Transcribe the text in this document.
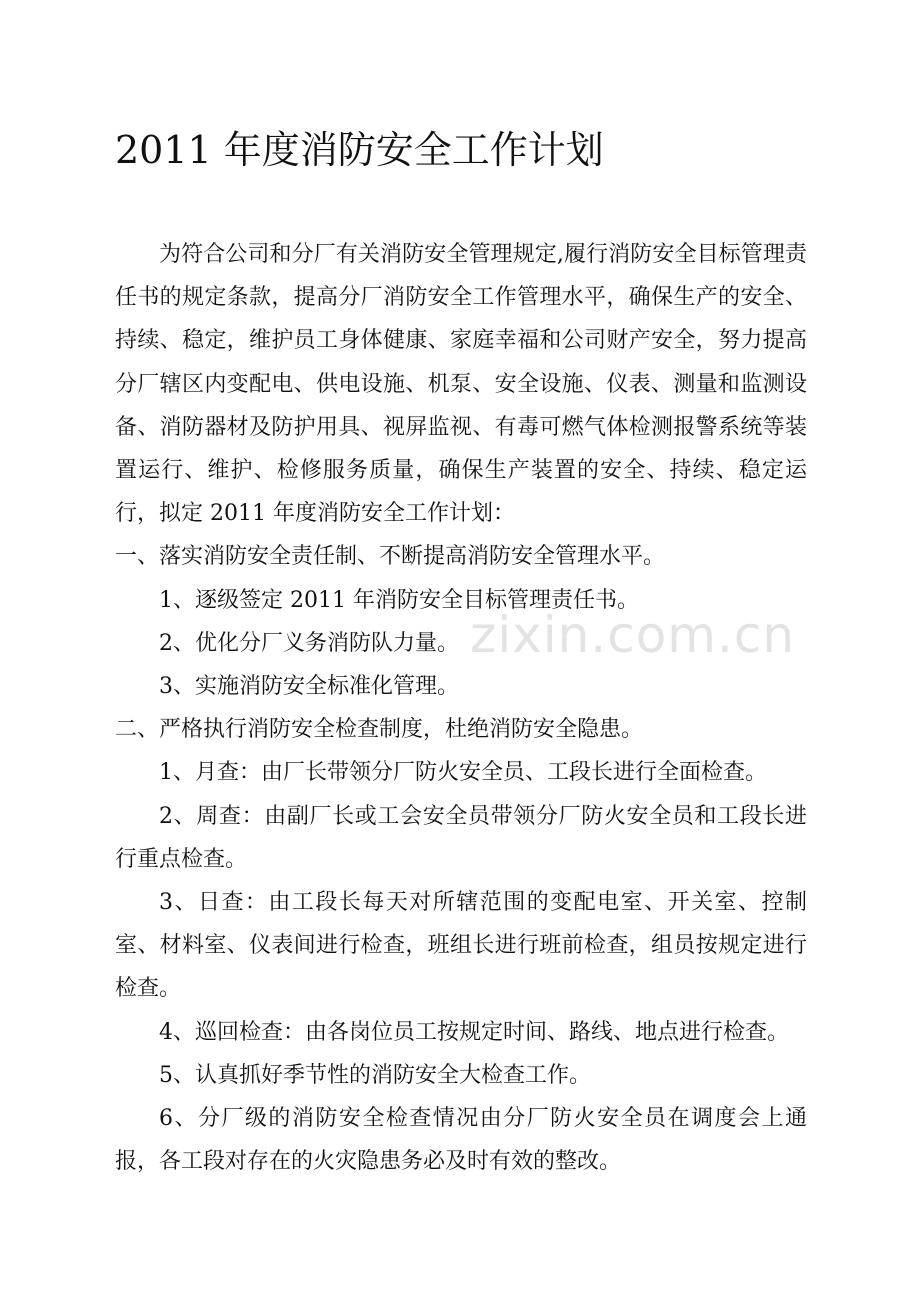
2011 年度消防安全工作计划

为符合公司和分厂有关消防安全管理规定,履行消防安全目标管理责任书的规定条款，提高分厂消防安全工作管理水平，确保生产的安全、持续、稳定，维护员工身体健康、家庭幸福和公司财产安全，努力提高分厂辖区内变配电、供电设施、机泵、安全设施、仪表、测量和监测设备、消防器材及防护用具、视屏监视、有毒可燃气体检测报警系统等装置运行、维护、检修服务质量，确保生产装置的安全、持续、稳定运行，拟定 2011 年度消防安全工作计划：

一、落实消防安全责任制、不断提高消防安全管理水平。

1、逐级签定 2011 年消防安全目标管理责任书。

2、优化分厂义务消防队力量。

3、实施消防安全标准化管理。

二、严格执行消防安全检查制度，杜绝消防安全隐患。

1、月查：由厂长带领分厂防火安全员、工段长进行全面检查。

2、周查：由副厂长或工会安全员带领分厂防火安全员和工段长进行重点检查。

3、日查：由工段长每天对所辖范围的变配电室、开关室、控制室、材料室、仪表间进行检查，班组长进行班前检查，组员按规定进行检查。

4、巡回检查：由各岗位员工按规定时间、路线、地点进行检查。

5、认真抓好季节性的消防安全大检查工作。

6、分厂级的消防安全检查情况由分厂防火安全员在调度会上通报，各工段对存在的火灾隐患务必及时有效的整改。

zixin.com.cn
